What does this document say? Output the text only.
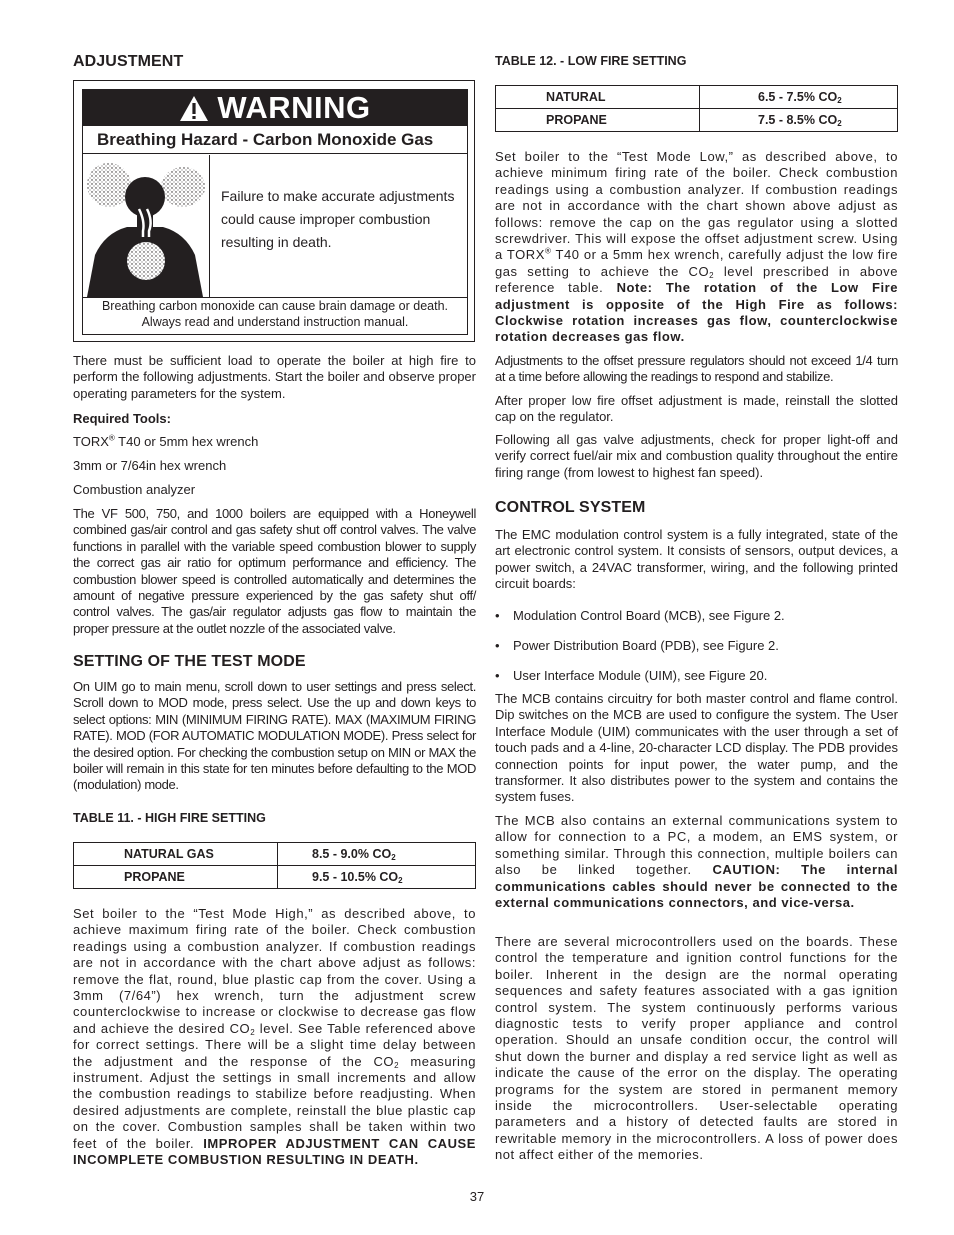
ADJUSTMENT
WARNING
Breathing Hazard - Carbon Monoxide Gas
Failure to make accurate adjustments
could cause improper combustion
resulting in death.
Breathing carbon monoxide can cause brain damage or death.
Always read and understand instruction manual.

There must be sufficient load to operate the boiler at high fire to perform the following adjustments. Start the boiler and observe proper operating parameters for the system.

Required Tools:
TORX® T40 or 5mm hex wrench
3mm or 7/64in hex wrench
Combustion analyzer

The VF 500, 750, and 1000 boilers are equipped with a Honeywell combined gas/air control and gas safety shut off control valves. The valve functions in parallel with the variable speed combustion blower to supply the correct gas air ratio for optimum performance and efficiency. The combustion blower speed is controlled automatically and determines the amount of negative pressure experienced by the gas safety shut off/ control valves. The gas/air regulator adjusts gas flow to maintain the proper pressure at the outlet nozzle of the associated valve.

SETTING OF THE TEST MODE

On UIM go to main menu, scroll down to user settings and press select. Scroll down to MOD mode, press select. Use the up and down keys to select options: MIN (MINIMUM FIRING RATE). MAX (MAXIMUM FIRING RATE). MOD (FOR AUTOMATIC MODULATION MODE). Press select for the desired option. For checking the combustion setup on MIN or MAX the boiler will remain in this state for ten minutes before defaulting to the MOD (modulation) mode.

TABLE 11. - HIGH FIRE SETTING
NATURAL GAS	8.5 - 9.0% $CO_2$
PROPANE	9.5 - 10.5% $CO_2$

Set boiler to the “Test Mode High,” as described above, to achieve maximum firing rate of the boiler. Check combustion readings using a combustion analyzer. If combustion readings are not in accordance with the chart above adjust as follows: remove the flat, round, blue plastic cap from the cover. Using a 3mm (7/64”) hex wrench, turn the adjustment screw counterclockwise to increase or clockwise to decrease gas flow and achieve the desired $CO_2$ level. See Table referenced above for correct settings. There will be a slight time delay between the adjustment and the response of the $CO_2$ measuring instrument. Adjust the settings in small increments and allow the combustion readings to stabilize before readjusting. When desired adjustments are complete, reinstall the blue plastic cap on the cover. Combustion samples shall be taken within two feet of the boiler. IMPROPER ADJUSTMENT CAN CAUSE INCOMPLETE COMBUSTION RESULTING IN DEATH.

TABLE 12. - LOW FIRE SETTING
NATURAL	6.5 - 7.5% $CO_2$
PROPANE	7.5 - 8.5% $CO_2$

Set boiler to the “Test Mode Low,” as described above, to achieve minimum firing rate of the boiler. Check combustion readings using a combustion analyzer. If combustion readings are not in accordance with the chart shown above adjust as follows: remove the cap on the gas regulator using a slotted screwdriver. This will expose the offset adjustment screw. Using a TORX® T40 or a 5mm hex wrench, carefully adjust the low fire gas setting to achieve the $CO_2$ level prescribed in above reference table. Note: The rotation of the Low Fire adjustment is opposite of the High Fire as follows: Clockwise rotation increases gas flow, counterclockwise rotation decreases gas flow.

Adjustments to the offset pressure regulators should not exceed 1/4 turn at a time before allowing the readings to respond and stabilize.

After proper low fire offset adjustment is made, reinstall the slotted cap on the regulator.

Following all gas valve adjustments, check for proper light-off and verify correct fuel/air mix and combustion quality throughout the entire firing range (from lowest to highest fan speed).

CONTROL SYSTEM

The EMC modulation control system is a fully integrated, state of the art electronic control system. It consists of sensors, output devices, a power switch, a 24VAC transformer, wiring, and the following printed circuit boards:

• Modulation Control Board (MCB), see Figure 2.
• Power Distribution Board (PDB), see Figure 2.
• User Interface Module (UIM), see Figure 20.

The MCB contains circuitry for both master control and flame control. Dip switches on the MCB are used to configure the system. The User Interface Module (UIM) communicates with the user through a set of touch pads and a 4-line, 20-character LCD display. The PDB provides connection points for input power, the water pump, and the transformer. It also distributes power to the system and contains the system fuses.

The MCB also contains an external communications system to allow for connection to a PC, a modem, an EMS system, or something similar. Through this connection, multiple boilers can also be linked together. CAUTION: The internal communications cables should never be connected to the external communications connectors, and vice-versa.

There are several microcontrollers used on the boards. These control the temperature and ignition control functions for the boiler. Inherent in the design are the normal operating sequences and safety features associated with a gas ignition control system. The system continuously performs various diagnostic tests to verify proper appliance and control operation. Should an unsafe condition occur, the control will shut down the burner and display a red service light as well as indicate the cause of the error on the display. The operating programs for the system are stored in permanent memory inside the microcontrollers. User-selectable operating parameters and a history of detected faults are stored in rewritable memory in the microcontrollers. A loss of power does not affect either of the memories.

37
